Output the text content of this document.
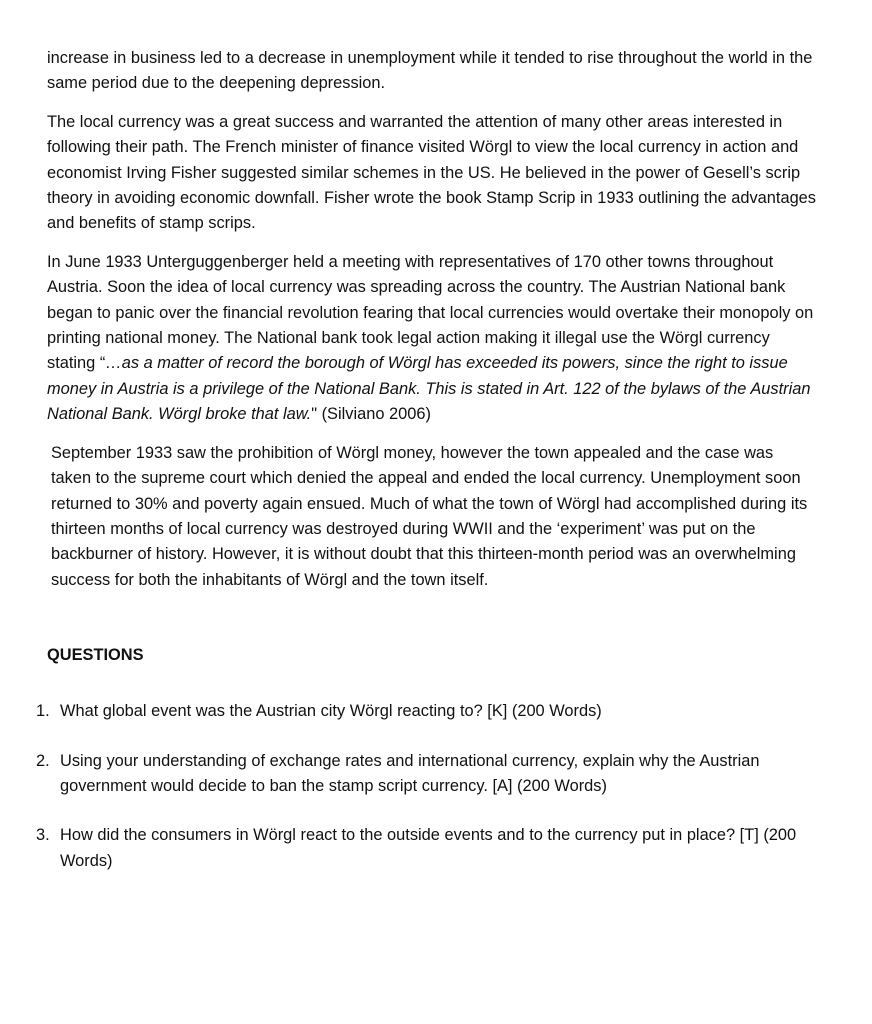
increase in business led to a decrease in unemployment while it tended to rise throughout the world in the same period due to the deepening depression.

The local currency was a great success and warranted the attention of many other areas interested in following their path. The French minister of finance visited Wörgl to view the local currency in action and economist Irving Fisher suggested similar schemes in the US. He believed in the power of Gesell’s scrip theory in avoiding economic downfall. Fisher wrote the book Stamp Scrip in 1933 outlining the advantages and benefits of stamp scrips.

In June 1933 Unterguggenberger held a meeting with representatives of 170 other towns throughout Austria. Soon the idea of local currency was spreading across the country. The Austrian National bank began to panic over the financial revolution fearing that local currencies would overtake their monopoly on printing national money. The National bank took legal action making it illegal use the Wörgl currency stating “…as a matter of record the borough of Wörgl has exceeded its powers, since the right to issue money in Austria is a privilege of the National Bank. This is stated in Art. 122 of the bylaws of the Austrian National Bank. Wörgl broke that law." (Silviano 2006)

September 1933 saw the prohibition of Wörgl money, however the town appealed and the case was taken to the supreme court which denied the appeal and ended the local currency. Unemployment soon returned to 30% and poverty again ensued. Much of what the town of Wörgl had accomplished during its thirteen months of local currency was destroyed during WWII and the ‘experiment’ was put on the backburner of history. However, it is without doubt that this thirteen-month period was an overwhelming success for both the inhabitants of Wörgl and the town itself.

QUESTIONS
1. What global event was the Austrian city Wörgl reacting to? [K] (200 Words)
2. Using your understanding of exchange rates and international currency, explain why the Austrian government would decide to ban the stamp script currency. [A] (200 Words)
3. How did the consumers in Wörgl react to the outside events and to the currency put in place? [T] (200 Words)
